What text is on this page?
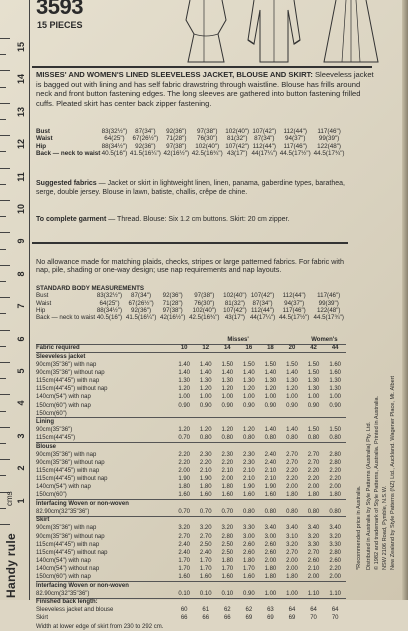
15
14
13
12
11
10
9
8
7
6
5
4
3
2
1
cms
Handy rule
3593
15 PIECES
MISSES' AND WOMEN'S LINED SLEEVELESS JACKET, BLOUSE AND SKIRT: Sleeveless jacket is bagged out with lining and has self fabric drawstring through waistline. Blouse has frills around neck and front button fastening edges. The long sleeves are gathered into button fastening frilled cuffs. Pleated skirt has center back zipper fastening.
Bust	83(32½")	87(34")	92(36")	97(38")	102(40")	107(42")	112(44")	117(46")
Waist	64(25")	67(26½")	71(28")	76(30")	81(32")	87(34")	94(37")	99(39")
Hip	88(34½")	92(36")	97(38")	102(40")	107(42")	112(44")	117(46")	122(48")
Back — neck to waist	40.5(16")	41.5(16¼")	42(16½")	42.5(16¾")	43(17")	44(17¼")	44.5(17½")	44.5(17¾")
Suggested fabrics — Jacket or skirt in lightweight linen, linen, panama, gaberdine types, barathea, serge, double jersey. Blouse in lawn, batiste, challis, crêpe de chine.
To complete garment — Thread. Blouse: Six 1.2 cm buttons. Skirt: 20 cm zipper.
*Recommended price in Australia. Distributed in Australia by Style Patterns (Australia) Pty. Ltd. © 1982 and trademark of Style Patterns, Australia. Printed in Australia. NSW 2106 Road, Pymble, N.S.W. New Zealand by Style Patterns (NZ) Ltd., Auckland. Wagener Place, Mt. Albert
No allowance made for matching plaids, checks, stripes or large patterned fabrics. For fabric with nap, pile, shading or one-way design; use nap requirements and nap layouts.
STANDARD BODY MEASUREMENTS
Bust	83(32½")	87(34")	92(36")	97(38")	102(40")	107(42")	112(44")	117(46")
Waist	64(25")	67(26½")	71(28")	76(30")	81(32")	87(34")	94(37")	99(39")
Hip	88(34½")	92(36")	97(38")	102(40")	107(42")	112(44")	117(46")	122(48")
Back — neck to waist	40.5(16")	41.5(16¼")	42(16½")	42.5(16¾")	43(17")	44(17¼")	44.5(17½")	44.5(17¾")
	Misses'						Women's	
Fabric required	10	12	14	16	18	20	42	44
Sleeveless jacket								
90cm(35"36") with nap	1.40	1.40	1.50	1.50	1.50	1.50	1.50	1.60
90cm(35"36") without nap	1.40	1.40	1.40	1.40	1.40	1.40	1.50	1.60
115cm(44"45") with nap	1.30	1.30	1.30	1.30	1.30	1.30	1.30	1.30
115cm(44"45") without nap	1.20	1.20	1.20	1.20	1.20	1.20	1.30	1.30
140cm(54") with nap	1.00	1.00	1.00	1.00	1.00	1.00	1.00	1.00
150cm(60") with nap	0.90	0.90	0.90	0.90	0.90	0.90	0.90	0.90
150cm(60")								
Lining								
90cm(35"36")	1.20	1.20	1.20	1.20	1.40	1.40	1.50	1.50
115cm(44"45")	0.70	0.80	0.80	0.80	0.80	0.80	0.80	0.80
Blouse								
90cm(35"36") with nap	2.20	2.30	2.30	2.30	2.40	2.70	2.70	2.80
90cm(35"36") without nap	2.20	2.20	2.20	2.30	2.40	2.70	2.70	2.80
115cm(44"45") with nap	2.00	2.10	2.10	2.10	2.10	2.20	2.20	2.20
115cm(44"45") without nap	1.90	1.90	2.00	2.10	2.10	2.20	2.20	2.20
140cm(54") with nap	1.80	1.80	1.80	1.90	1.90	2.00	2.00	2.00
150cm(60")	1.60	1.60	1.60	1.60	1.60	1.80	1.80	1.80
Interfacing Woven or non-woven								
82.90cm(32"35"36")	0.70	0.70	0.70	0.80	0.80	0.80	0.80	0.80
Skirt								
90cm(35"36") with nap	3.20	3.20	3.20	3.30	3.40	3.40	3.40	3.40
90cm(35"36") without nap	2.70	2.70	2.80	3.00	3.00	3.10	3.20	3.20
115cm(44"45") with nap	2.40	2.50	2.50	2.60	2.60	3.20	3.30	3.30
115cm(44"45") without nap	2.40	2.40	2.50	2.60	2.60	2.70	2.70	2.80
140cm(54") with nap	1.70	1.70	1.80	1.80	2.00	2.00	2.60	2.60
140cm(54") without nap	1.70	1.70	1.70	1.70	1.80	2.00	2.10	2.20
150cm(60") with nap	1.60	1.60	1.60	1.60	1.80	1.80	2.00	2.00
Interfacing Woven or non-woven								
82.90cm(32"35"36")	0.10	0.10	0.10	0.90	1.00	1.00	1.10	1.10
Finished back length:								
Sleeveless jacket and blouse	60	61	62	62	63	64	64	64
Skirt	66	66	66	69	69	69	70	70
Width at lower edge of skirt from 230 to 292 cm.								
